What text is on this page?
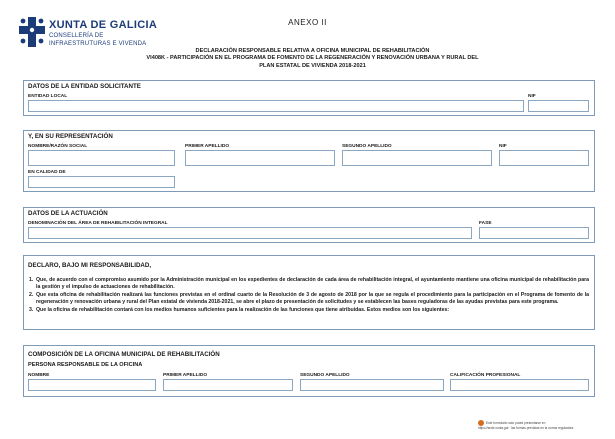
XUNTA DE GALICIA
CONSELLERÍA DE
INFRAESTRUTURAS E VIVENDA
ANEXO II
DECLARACIÓN RESPONSABLE RELATIVA A OFICINA MUNICIPAL DE REHABILITACIÓN
VI408K - PARTICIPACIÓN EN EL PROGRAMA DE FOMENTO DE LA REGENERACIÓN Y RENOVACIÓN URBANA Y RURAL DEL
PLAN ESTATAL DE VIVIENDA 2018-2021
DATOS DE LA ENTIDAD SOLICITANTE
ENTIDAD LOCAL	NIF
Y, EN SU REPRESENTACIÓN
NOMBRE/RAZÓN SOCIAL	PRIMER APELLIDO	SEGUNDO APELLIDO	NIF
EN CALIDAD DE
DATOS DE LA ACTUACIÓN
DENOMINACIÓN DEL ÁREA DE REHABILITACIÓN INTEGRAL	FASE
DECLARO, BAJO MI RESPONSABILIDAD,
1. Que, de acuerdo con el compromiso asumido por la Administración municipal en los expedientes de declaración de cada área de rehabilitación integral, el ayuntamiento mantiene una oficina municipal de rehabilitación para la gestión y el impulso de actuaciones de rehabilitación.
2. Que esta oficina de rehabilitación realizará las funciones previstas en el ordinal cuarto de la Resolución de 3 de agosto de 2018 por la que se regula el procedimiento para la participación en el Programa de fomento de la regeneración y renovación urbana y rural del Plan estatal de vivienda 2018-2021, se abre el plazo de presentación de solicitudes y se establecen las bases reguladoras de las ayudas previstas para este programa.
3. Que la oficina de rehabilitación contará con los medios humanos suficientes para la realización de las funciones que tiene atribuidas. Estos medios son los siguientes:
COMPOSICIÓN DE LA OFICINA MUNICIPAL DE REHABILITACIÓN
PERSONA RESPONSABLE DE LA OFICINA
NOMBRE	PRIMER APELLIDO	SEGUNDO APELLIDO	CALIFICACIÓN PROFESIONAL
Este formulario solo podrá presentarse en
https://sede.xunta.gal · las formas previstas en la norma reguladora
